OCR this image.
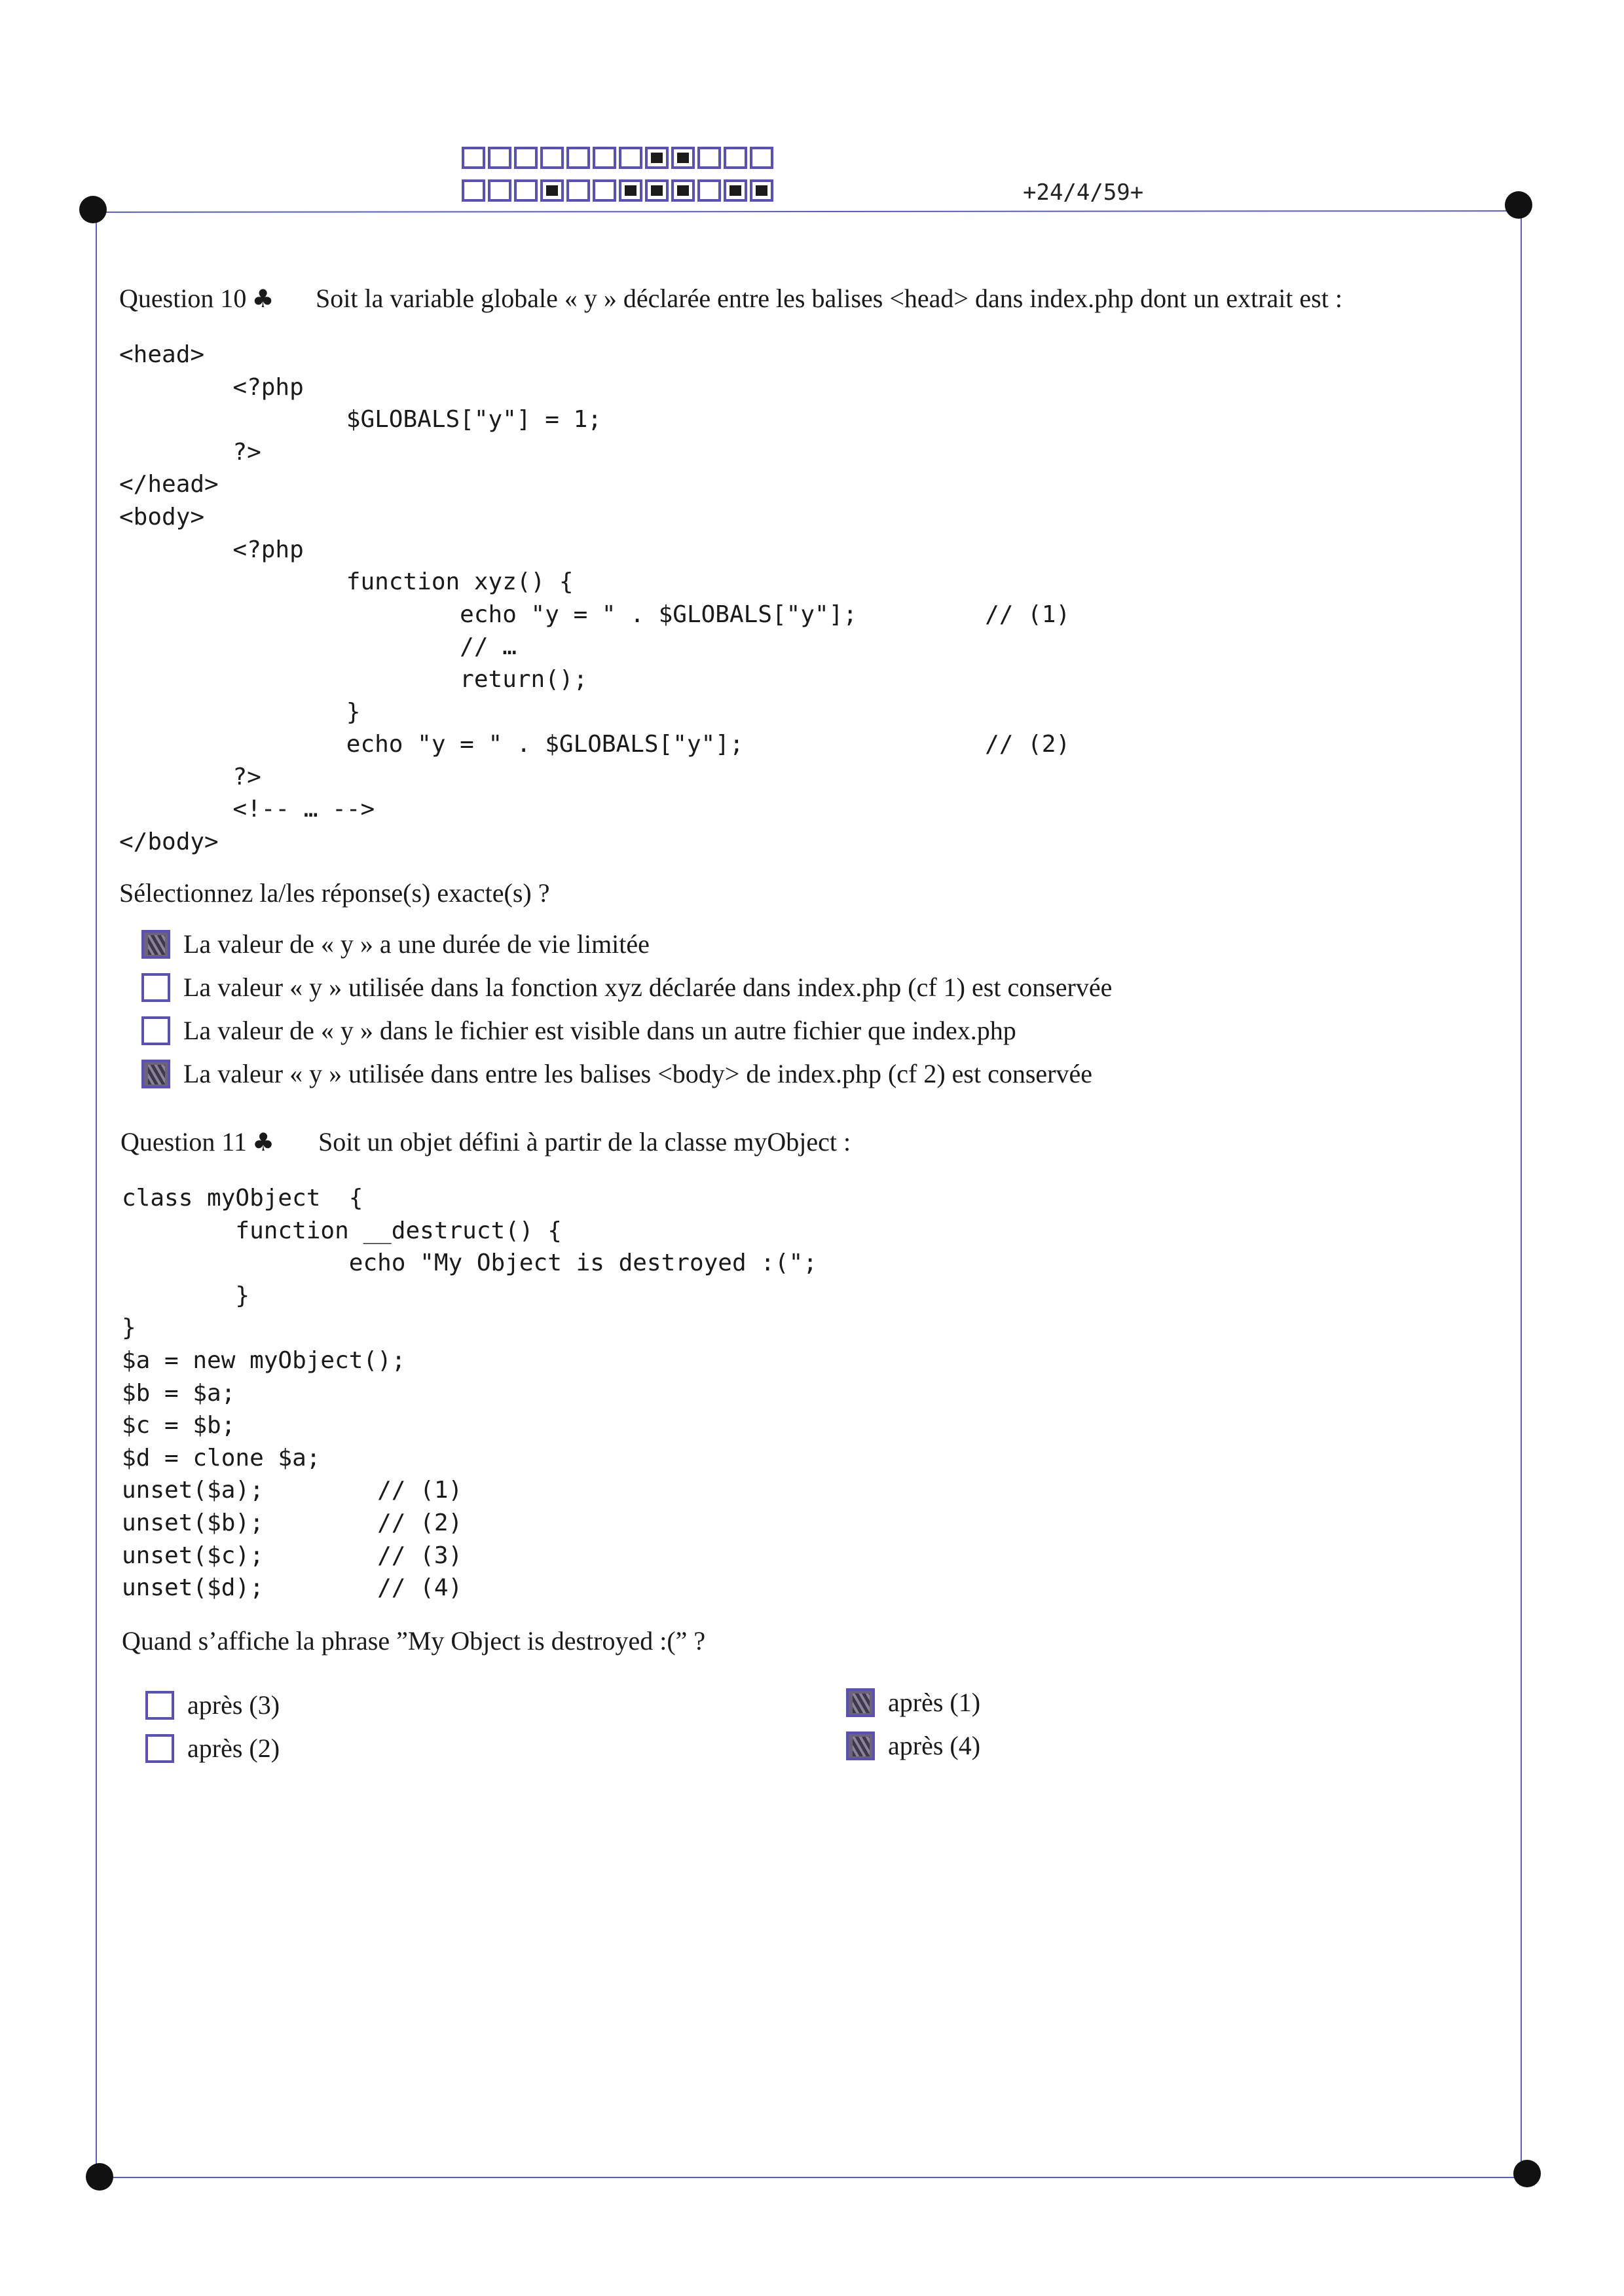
+24/4/59+
Question 10 ♣ Soit la variable globale « y » déclarée entre les balises <head> dans index.php dont un extrait est :
<head>
<?php
$GLOBALS["y"] = 1;
?>
</head>
<body>
<?php
function xyz() {
echo "y = " . $GLOBALS["y"];         // (1)
// …
return();
}
echo "y = " . $GLOBALS["y"];                 // (2)
?>
<!-- … -->
</body>
Sélectionnez la/les réponse(s) exacte(s) ?
La valeur de « y » a une durée de vie limitée
La valeur « y » utilisée dans la fonction xyz déclarée dans index.php (cf 1) est conservée
La valeur de « y » dans le fichier est visible dans un autre fichier que index.php
La valeur « y » utilisée dans entre les balises <body> de index.php (cf 2) est conservée
Question 11 ♣ Soit un objet défini à partir de la classe myObject :
class myObject  {
function __destruct() {
echo "My Object is destroyed :(";
}
}
$a = new myObject();
$b = $a;
$c = $b;
$d = clone $a;
unset($a);        // (1)
unset($b);        // (2)
unset($c);        // (3)
unset($d);        // (4)
Quand s’affiche la phrase ”My Object is destroyed :(” ?
après (3)
après (2)
après (1)
après (4)
